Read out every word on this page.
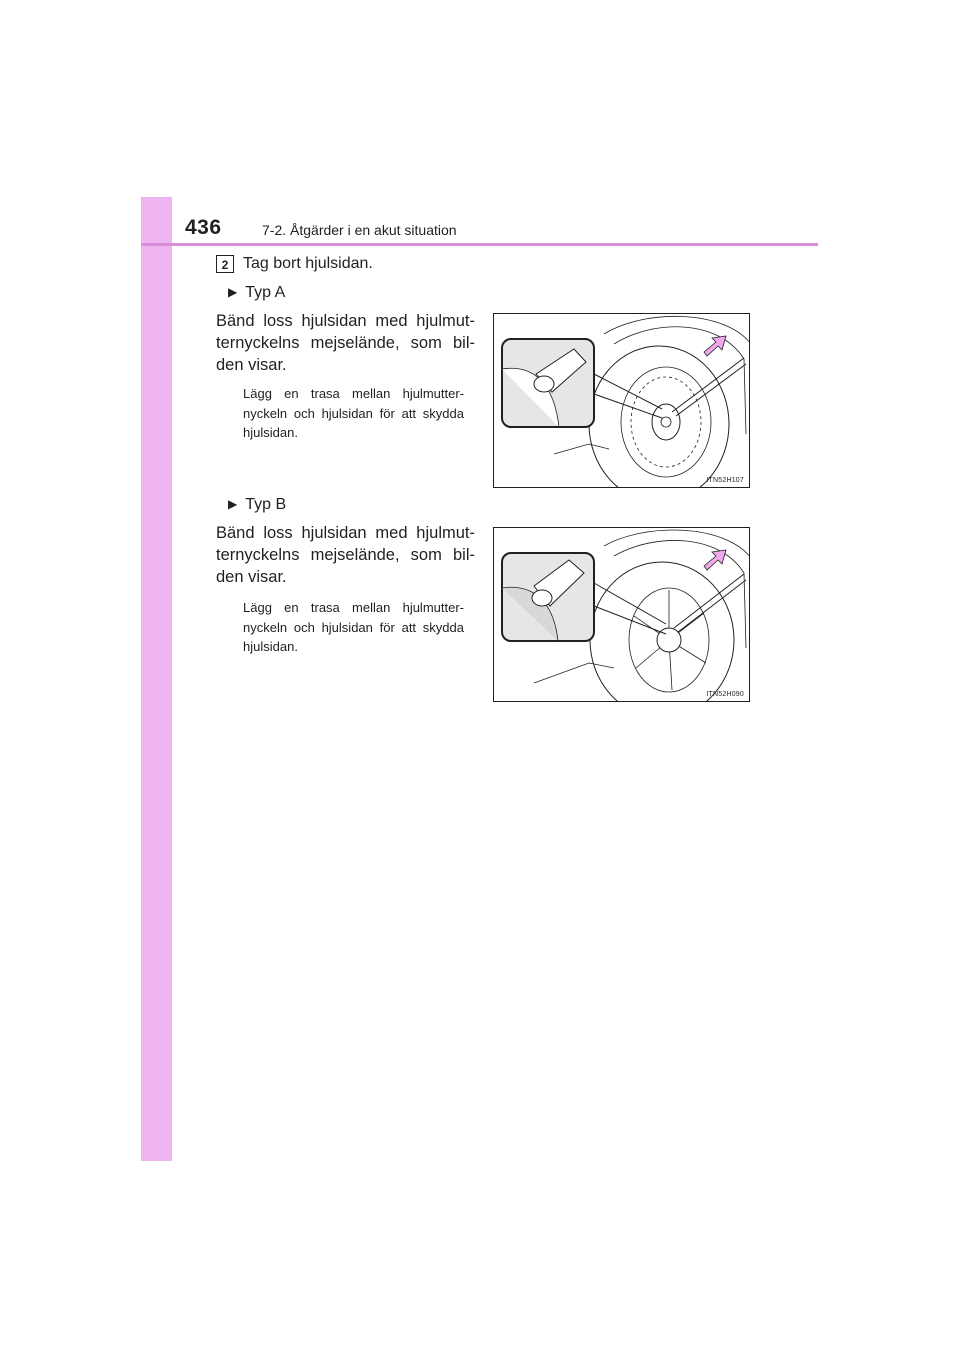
436	7-2. Åtgärder i en akut situation
2 Tag bort hjulsidan.
▶ Typ A
Bänd loss hjulsidan med hjulmut-ternyckelns mejselände, som bil-den visar.
Lägg en trasa mellan hjulmutter-nyckeln och hjulsidan för att skydda hjulsidan.
ITN52H107
▶ Typ B
Bänd loss hjulsidan med hjulmut-ternyckelns mejselände, som bil-den visar.
Lägg en trasa mellan hjulmutter-nyckeln och hjulsidan för att skydda hjulsidan.
ITN52H090
